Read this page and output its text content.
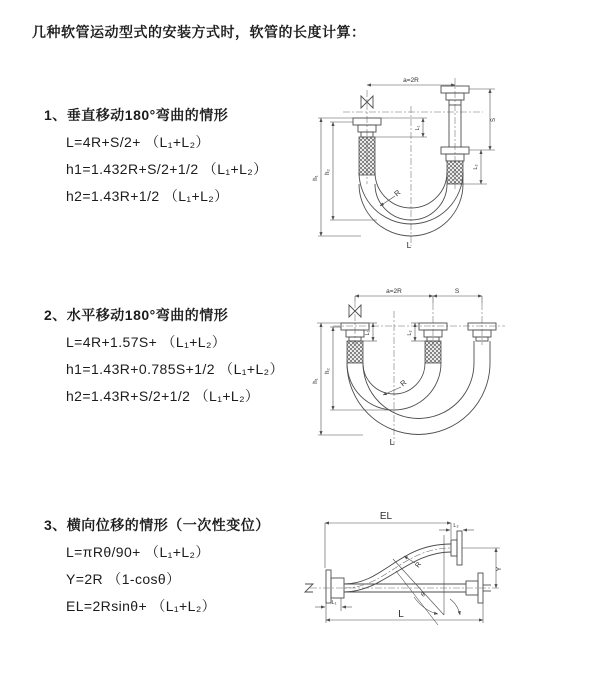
几种软管运动型式的安装方式时，软管的长度计算：
1、垂直移动180°弯曲的情形
L=4R+S/2+ （L₁+L₂）
h1=1.432R+S/2+1/2 （L₁+L₂）
h2=1.43R+1/2 （L₁+L₂）
2、水平移动180°弯曲的情形
L=4R+1.57S+ （L₁+L₂）
h1=1.43R+0.785S+1/2 （L₁+L₂）
h2=1.43R+S/2+1/2 （L₁+L₂）
3、横向位移的情形（一次性变位）
L=πRθ/90+ （L₁+L₂）
Y=2R （1-cosθ）
EL=2Rsinθ+ （L₁+L₂）
a=2R
h₁
h₂
L₁
S
L₂
R
L
a=2R	S
h₁
h₂
L₁	L₂
R
L
EL
L₂
Y
R
θ
L₁
L
